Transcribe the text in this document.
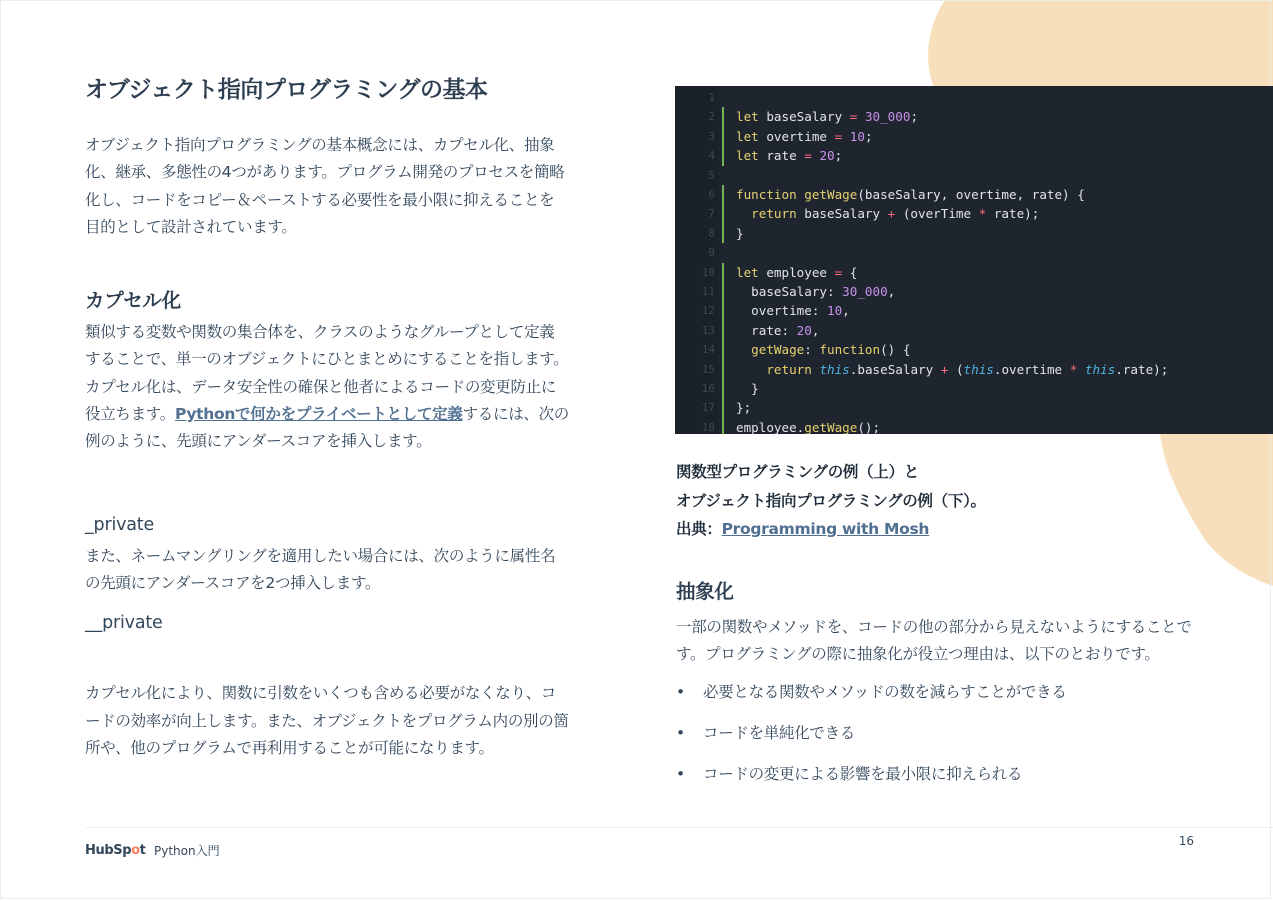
オブジェクト指向プログラミングの基本

オブジェクト指向プログラミングの基本概念には、カプセル化、抽象化、継承、多態性の4つがあります。プログラム開発のプロセスを簡略化し、コードをコピー＆ペーストする必要性を最小限に抑えることを目的として設計されています。

カプセル化

類似する変数や関数の集合体を、クラスのようなグループとして定義することで、単一のオブジェクトにひとまとめにすることを指します。カプセル化は、データ安全性の確保と他者によるコードの変更防止に役立ちます。Pythonで何かをプライベートとして定義するには、次の例のように、先頭にアンダースコアを挿入します。

_private

また、ネームマングリングを適用したい場合には、次のように属性名の先頭にアンダースコアを2つ挿入します。

__private

カプセル化により、関数に引数をいくつも含める必要がなくなり、コードの効率が向上します。また、オブジェクトをプログラム内の別の箇所や、他のプログラムで再利用することが可能になります。

1
2 let baseSalary = 30_000;
3 let overtime = 10;
4 let rate = 20;
5
6 function getWage(baseSalary, overtime, rate) {
7	return baseSalary + (overTime * rate);
8 }
9
10 let employee = {
11 baseSalary: 30_000,
12 overtime: 10,
13 rate: 20,
14	getWage: function() {
15	return this.baseSalary + (this.overtime * this.rate);
16 }
17 };
18 employee.getWage();
関数型プログラミングの例（上）と
オブジェクト指向プログラミングの例（下）。
出典：Programming with Mosh
抽象化

一部の関数やメソッドを、コードの他の部分から見えないようにすることです。プログラミングの際に抽象化が役立つ理由は、以下のとおりです。

• 必要となる関数やメソッドの数を減らすことができる
• コードを単純化できる
• コードの変更による影響を最小限に抑えられる
HubSpot Python入門
16
